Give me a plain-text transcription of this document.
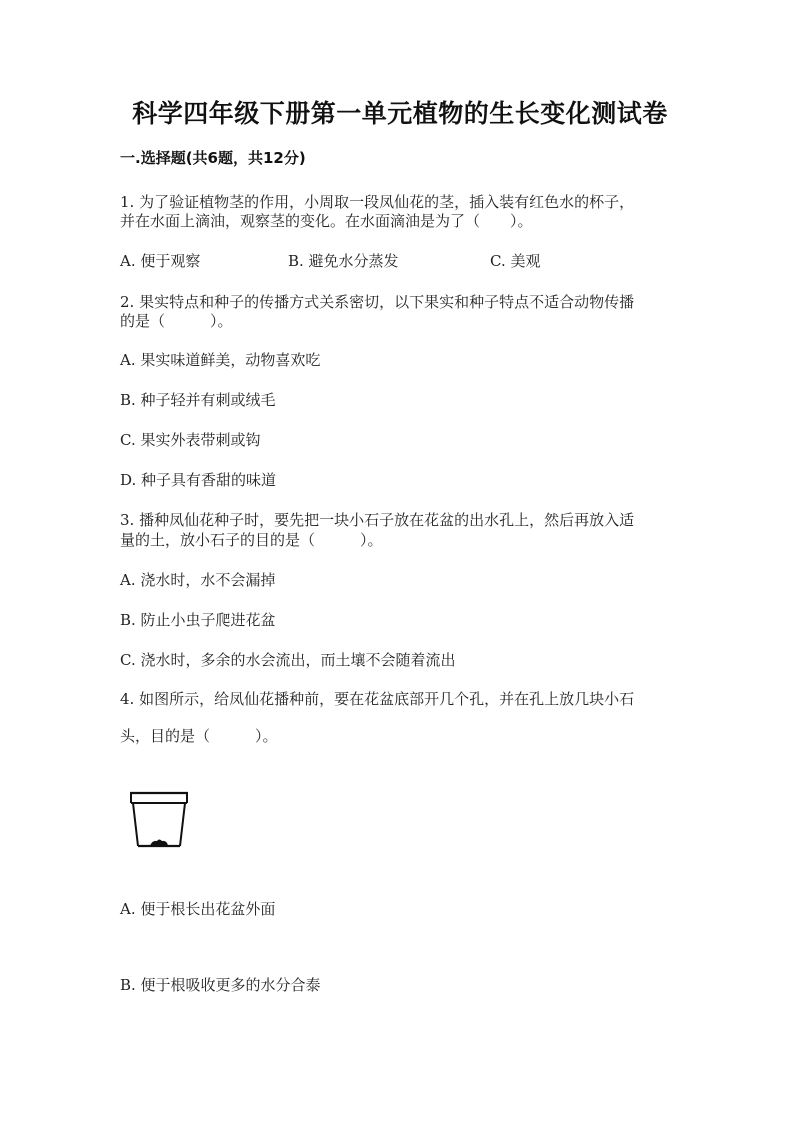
科学四年级下册第一单元植物的生长变化测试卷
一.选择题(共6题，共12分)
1. 为了验证植物茎的作用，小周取一段凤仙花的茎，插入装有红色水的杯子，
并在水面上滴油，观察茎的变化。在水面滴油是为了（　　）。
A. 便于观察	B. 避免水分蒸发	C. 美观
2. 果实特点和种子的传播方式关系密切，以下果实和种子特点不适合动物传播
的是（　　　）。
A. 果实味道鲜美，动物喜欢吃
B. 种子轻并有刺或绒毛
C. 果实外表带刺或钩
D. 种子具有香甜的味道
3. 播种凤仙花种子时，要先把一块小石子放在花盆的出水孔上，然后再放入适
量的土，放小石子的目的是（　　　）。
A. 浇水时，水不会漏掉
B. 防止小虫子爬进花盆
C. 浇水时，多余的水会流出，而土壤不会随着流出
4. 如图所示，给凤仙花播种前，要在花盆底部开几个孔，并在孔上放几块小石
头，目的是（　　　）。
A. 便于根长出花盆外面
B. 便于根吸收更多的水分合泰
